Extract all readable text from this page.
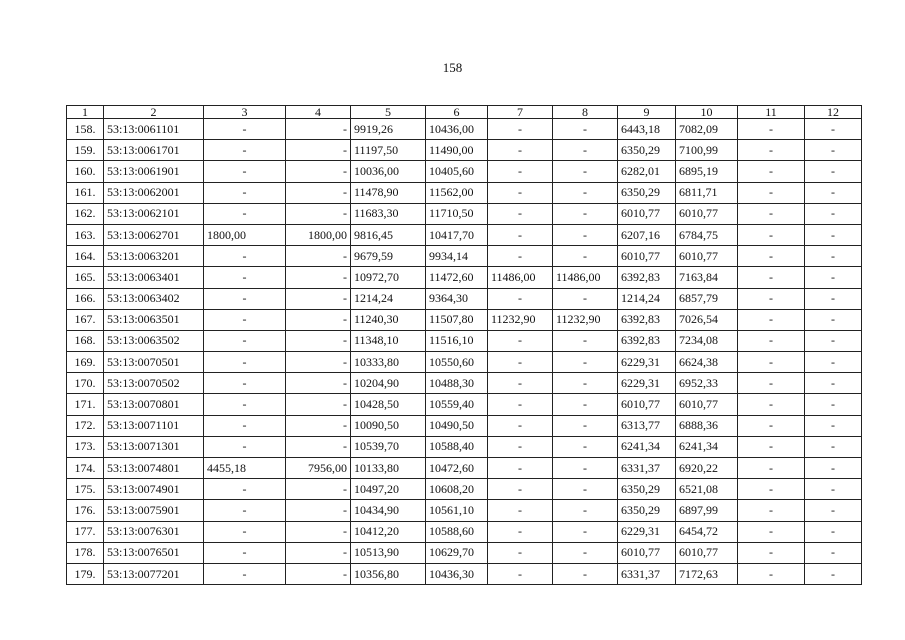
158
1	2	3	4	5	6	7	8	9	10	11	12
158.	53:13:0061101	-	-	9919,26	10436,00	-	-	6443,18	7082,09	-	-
159.	53:13:0061701	-	-	11197,50	11490,00	-	-	6350,29	7100,99	-	-
160.	53:13:0061901	-	-	10036,00	10405,60	-	-	6282,01	6895,19	-	-
161.	53:13:0062001	-	-	11478,90	11562,00	-	-	6350,29	6811,71	-	-
162.	53:13:0062101	-	-	11683,30	11710,50	-	-	6010,77	6010,77	-	-
163.	53:13:0062701	1800,00	1800,00	9816,45	10417,70	-	-	6207,16	6784,75	-	-
164.	53:13:0063201	-	-	9679,59	9934,14	-	-	6010,77	6010,77	-	-
165.	53:13:0063401	-	-	10972,70	11472,60	11486,00	11486,00	6392,83	7163,84	-	-
166.	53:13:0063402	-	-	1214,24	9364,30	-	-	1214,24	6857,79	-	-
167.	53:13:0063501	-	-	11240,30	11507,80	11232,90	11232,90	6392,83	7026,54	-	-
168.	53:13:0063502	-	-	11348,10	11516,10	-	-	6392,83	7234,08	-	-
169.	53:13:0070501	-	-	10333,80	10550,60	-	-	6229,31	6624,38	-	-
170.	53:13:0070502	-	-	10204,90	10488,30	-	-	6229,31	6952,33	-	-
171.	53:13:0070801	-	-	10428,50	10559,40	-	-	6010,77	6010,77	-	-
172.	53:13:0071101	-	-	10090,50	10490,50	-	-	6313,77	6888,36	-	-
173.	53:13:0071301	-	-	10539,70	10588,40	-	-	6241,34	6241,34	-	-
174.	53:13:0074801	4455,18	7956,00	10133,80	10472,60	-	-	6331,37	6920,22	-	-
175.	53:13:0074901	-	-	10497,20	10608,20	-	-	6350,29	6521,08	-	-
176.	53:13:0075901	-	-	10434,90	10561,10	-	-	6350,29	6897,99	-	-
177.	53:13:0076301	-	-	10412,20	10588,60	-	-	6229,31	6454,72	-	-
178.	53:13:0076501	-	-	10513,90	10629,70	-	-	6010,77	6010,77	-	-
179.	53:13:0077201	-	-	10356,80	10436,30	-	-	6331,37	7172,63	-	-
